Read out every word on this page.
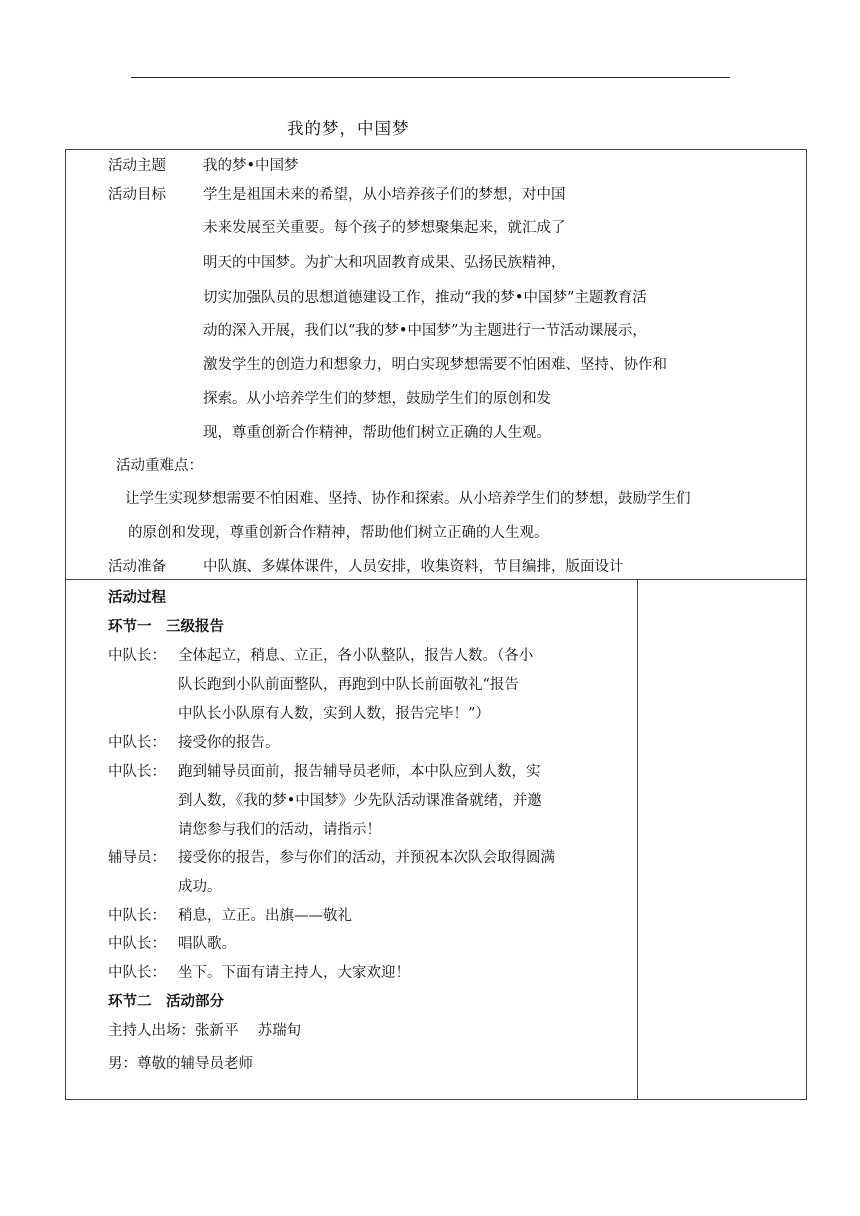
我的梦，中国梦
活动主题	我的梦•中国梦
活动目标	学生是祖国未来的希望，从小培养孩子们的梦想，对中国
未来发展至关重要。每个孩子的梦想聚集起来，就汇成了
明天的中国梦。为扩大和巩固教育成果、弘扬民族精神，
切实加强队员的思想道德建设工作，推动“我的梦•中国梦”主题教育活
动的深入开展，我们以“我的梦•中国梦”为主题进行一节活动课展示，
激发学生的创造力和想象力，明白实现梦想需要不怕困难、坚持、协作和
探索。从小培养学生们的梦想，鼓励学生们的原创和发
现，尊重创新合作精神，帮助他们树立正确的人生观。
活动重难点：
让学生实现梦想需要不怕困难、坚持、协作和探索。从小培养学生们的梦想，鼓励学生们
的原创和发现，尊重创新合作精神，帮助他们树立正确的人生观。
活动准备	中队旗、多媒体课件，人员安排，收集资料，节目编排，版面设计
活动过程
环节一　三级报告
中队长： 全体起立，稍息、立正，各小队整队，报告人数。（各小
队长跑到小队前面整队，再跑到中队长前面敬礼“报告
中队长小队原有人数，实到人数，报告完毕！”）
中队长： 接受你的报告。
中队长： 跑到辅导员面前，报告辅导员老师，本中队应到人数，实
到人数，《我的梦•中国梦》少先队活动课准备就绪，并邀
请您参与我们的活动，请指示！
辅导员： 接受你的报告，参与你们的活动，并预祝本次队会取得圆满
成功。
中队长： 稍息，立正。出旗——敬礼
中队长： 唱队歌。
中队长： 坐下。下面有请主持人，大家欢迎！
环节二　活动部分
主持人出场：张新平　 苏瑞旬
男：尊敬的辅导员老师
